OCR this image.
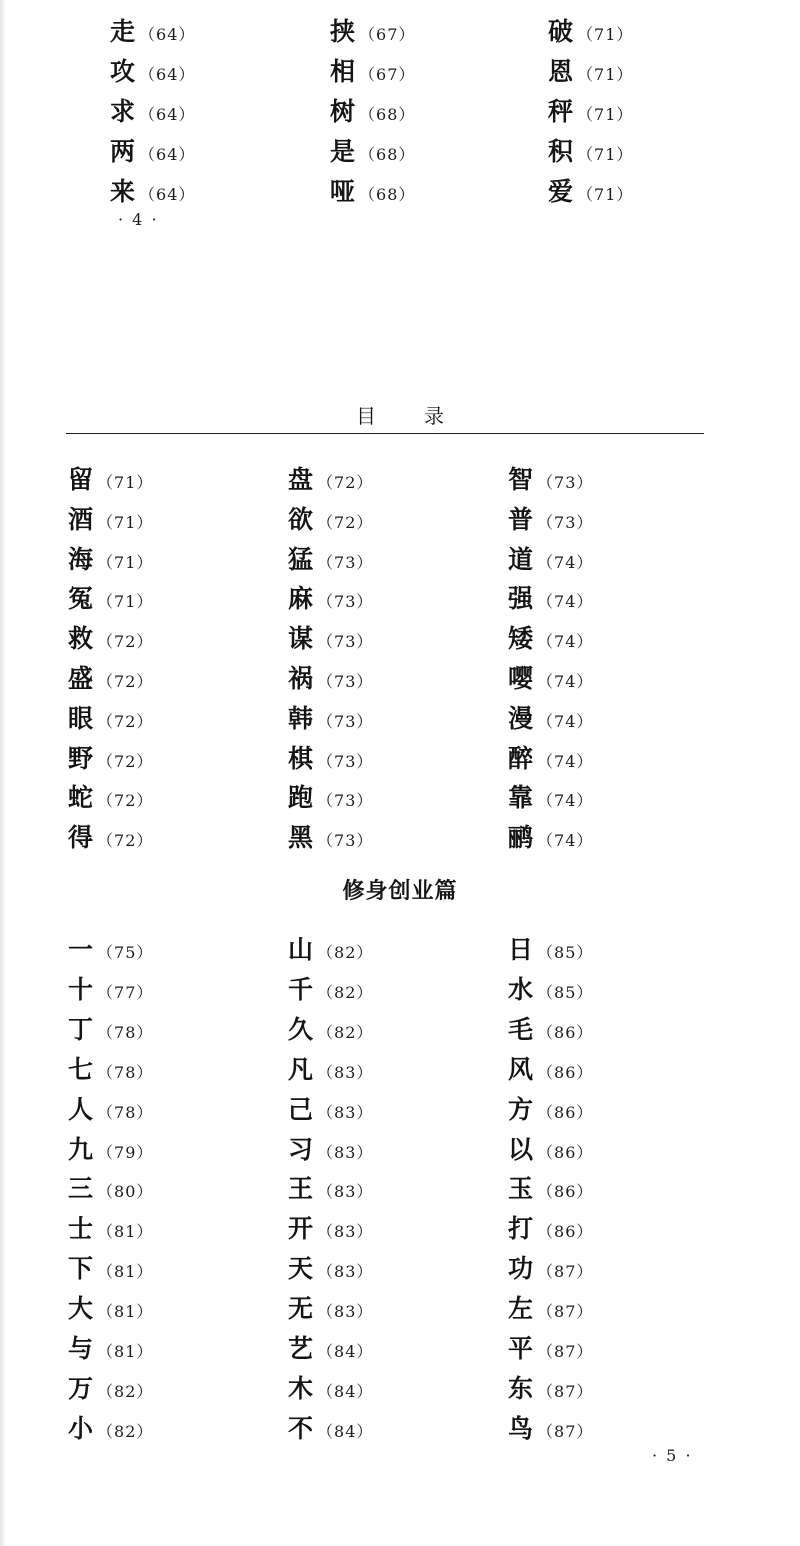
走 （64）
攻 （64）
求 （64）
两 （64）
来 （64）
挟 （67）
相 （67）
树 （68）
是 （68）
哑 （68）
破 （71）
恩 （71）
秤 （71）
积 （71）
爱 （71）
· 4 ·
目录
留 （71）
酒 （71）
海 （71）
冤 （71）
救 （72）
盛 （72）
眼 （72）
野 （72）
蛇 （72）
得 （72）
盘 （72）
欲 （72）
猛 （73）
麻 （73）
谋 （73）
祸 （73）
韩 （73）
棋 （73）
跑 （73）
黑 （73）
智 （73）
普 （73）
道 （74）
强 （74）
矮 （74）
嘤 （74）
漫 （74）
醉 （74）
靠 （74）
鹂 （74）
修身创业篇
一 （75）
十 （77）
丁 （78）
七 （78）
人 （78）
九 （79）
三 （80）
士 （81）
下 （81）
大 （81）
与 （81）
万 （82）
小 （82）
山 （82）
千 （82）
久 （82）
凡 （83）
己 （83）
习 （83）
王 （83）
开 （83）
天 （83）
无 （83）
艺 （84）
木 （84）
不 （84）
日 （85）
水 （85）
毛 （86）
风 （86）
方 （86）
以 （86）
玉 （86）
打 （86）
功 （87）
左 （87）
平 （87）
东 （87）
鸟 （87）
· 5 ·
